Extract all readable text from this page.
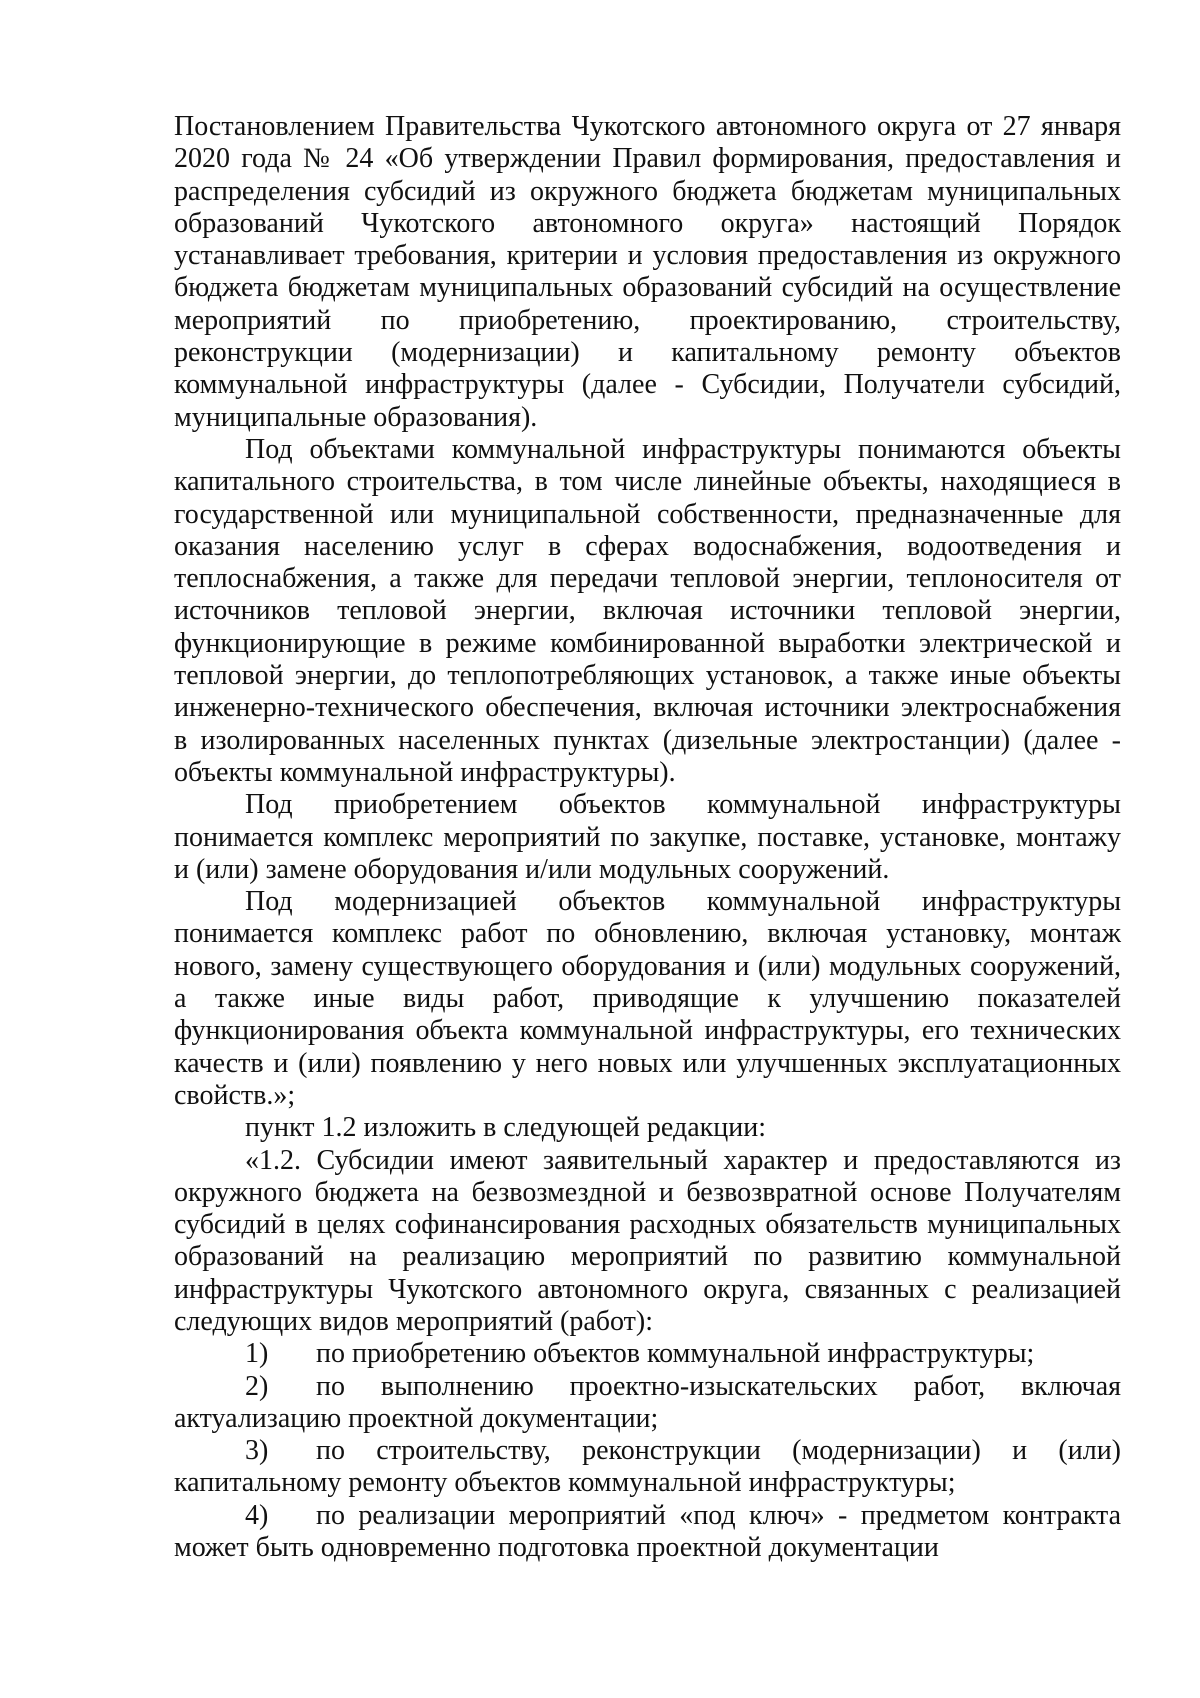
Постановлением Правительства Чукотского автономного округа от 27 января 2020 года № 24 «Об утверждении Правил формирования, предоставления и распределения субсидий из окружного бюджета бюджетам муниципальных образований Чукотского автономного округа» настоящий Порядок устанавливает требования, критерии и условия предоставления из окружного бюджета бюджетам муниципальных образований субсидий на осуществление мероприятий по приобретению, проектированию, строительству, реконструкции (модернизации) и капитальному ремонту объектов коммунальной инфраструктуры (далее - Субсидии, Получатели субсидий, муниципальные образования).

Под объектами коммунальной инфраструктуры понимаются объекты капитального строительства, в том числе линейные объекты, находящиеся в государственной или муниципальной собственности, предназначенные для оказания населению услуг в сферах водоснабжения, водоотведения и теплоснабжения, а также для передачи тепловой энергии, теплоносителя от источников тепловой энергии, включая источники тепловой энергии, функционирующие в режиме комбинированной выработки электрической и тепловой энергии, до теплопотребляющих установок, а также иные объекты инженерно-технического обеспечения, включая источники электроснабжения в изолированных населенных пунктах (дизельные электростанции) (далее - объекты коммунальной инфраструктуры).

Под приобретением объектов коммунальной инфраструктуры понимается комплекс мероприятий по закупке, поставке, установке, монтажу и (или) замене оборудования и/или модульных сооружений.

Под модернизацией объектов коммунальной инфраструктуры понимается комплекс работ по обновлению, включая установку, монтаж нового, замену существующего оборудования и (или) модульных сооружений, а также иные виды работ, приводящие к улучшению показателей функционирования объекта коммунальной инфраструктуры, его технических качеств и (или) появлению у него новых или улучшенных эксплуатационных свойств.»;

пункт 1.2 изложить в следующей редакции:

«1.2. Субсидии имеют заявительный характер и предоставляются из окружного бюджета на безвозмездной и безвозвратной основе Получателям субсидий в целях софинансирования расходных обязательств муниципальных образований на реализацию мероприятий по развитию коммунальной инфраструктуры Чукотского автономного округа, связанных с реализацией следующих видов мероприятий (работ):

1) по приобретению объектов коммунальной инфраструктуры;

2) по выполнению проектно-изыскательских работ, включая актуализацию проектной документации;

3) по строительству, реконструкции (модернизации) и (или) капитальному ремонту объектов коммунальной инфраструктуры;

4) по реализации мероприятий «под ключ» - предметом контракта может быть одновременно подготовка проектной документации
